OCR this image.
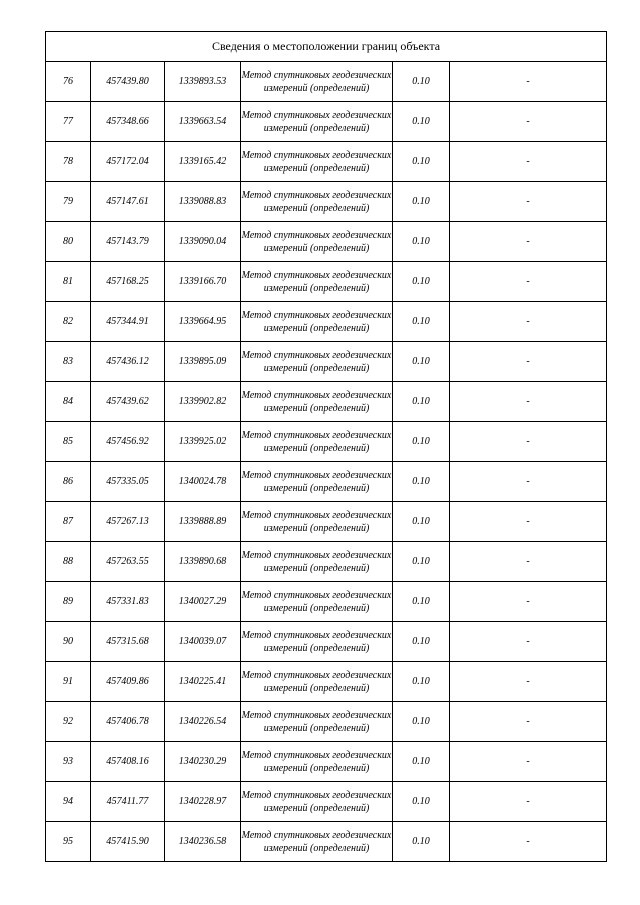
Сведения о местоположении границ объекта					
76	457439.80	1339893.53	Метод спутниковых геодезических измерений (определений)	0.10	-
77	457348.66	1339663.54	Метод спутниковых геодезических измерений (определений)	0.10	-
78	457172.04	1339165.42	Метод спутниковых геодезических измерений (определений)	0.10	-
79	457147.61	1339088.83	Метод спутниковых геодезических измерений (определений)	0.10	-
80	457143.79	1339090.04	Метод спутниковых геодезических измерений (определений)	0.10	-
81	457168.25	1339166.70	Метод спутниковых геодезических измерений (определений)	0.10	-
82	457344.91	1339664.95	Метод спутниковых геодезических измерений (определений)	0.10	-
83	457436.12	1339895.09	Метод спутниковых геодезических измерений (определений)	0.10	-
84	457439.62	1339902.82	Метод спутниковых геодезических измерений (определений)	0.10	-
85	457456.92	1339925.02	Метод спутниковых геодезических измерений (определений)	0.10	-
86	457335.05	1340024.78	Метод спутниковых геодезических измерений (определений)	0.10	-
87	457267.13	1339888.89	Метод спутниковых геодезических измерений (определений)	0.10	-
88	457263.55	1339890.68	Метод спутниковых геодезических измерений (определений)	0.10	-
89	457331.83	1340027.29	Метод спутниковых геодезических измерений (определений)	0.10	-
90	457315.68	1340039.07	Метод спутниковых геодезических измерений (определений)	0.10	-
91	457409.86	1340225.41	Метод спутниковых геодезических измерений (определений)	0.10	-
92	457406.78	1340226.54	Метод спутниковых геодезических измерений (определений)	0.10	-
93	457408.16	1340230.29	Метод спутниковых геодезических измерений (определений)	0.10	-
94	457411.77	1340228.97	Метод спутниковых геодезических измерений (определений)	0.10	-
95	457415.90	1340236.58	Метод спутниковых геодезических измерений (определений)	0.10	-
